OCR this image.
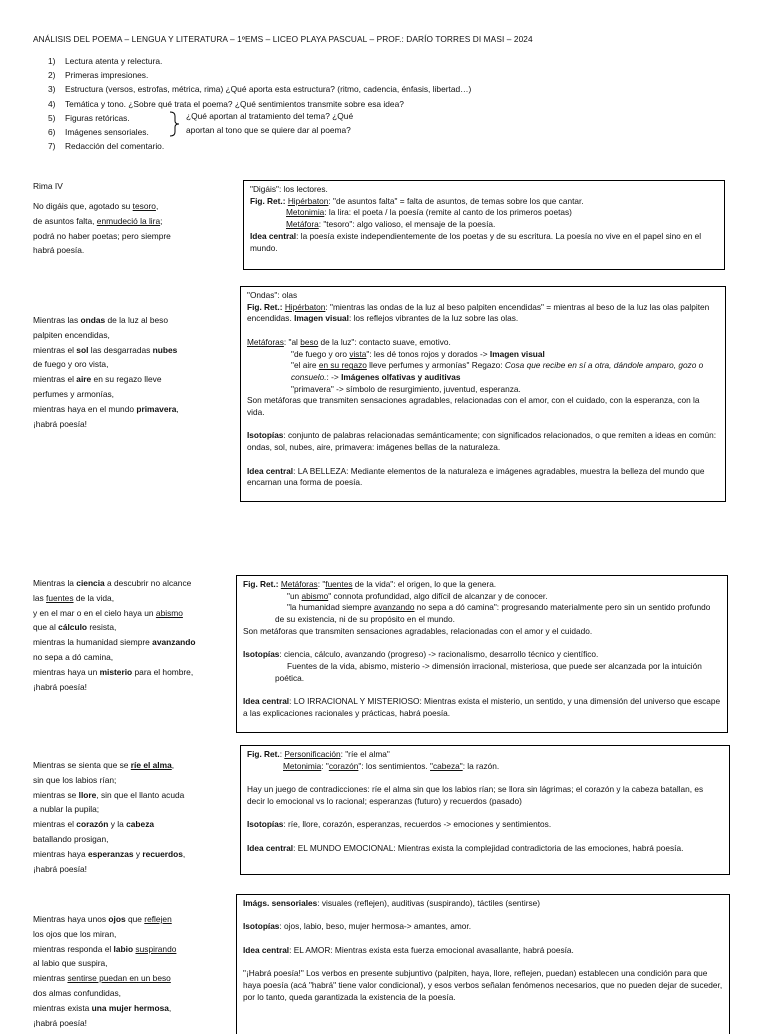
ANÁLISIS DEL POEMA – LENGUA Y LITERATURA – 1ºEMS – LICEO PLAYA PASCUAL – PROF.: DARÍO TORRES DI MASI – 2024
1) Lectura atenta y relectura.
2) Primeras impresiones.
3) Estructura (versos, estrofas, métrica, rima) ¿Qué aporta esta estructura? (ritmo, cadencia, énfasis, libertad…)
4) Temática y tono. ¿Sobre qué trata el poema? ¿Qué sentimientos transmite sobre esa idea?
5) Figuras retóricas.
6) Imágenes sensoriales.
7) Redacción del comentario.
¿Qué aportan al tratamiento del tema? ¿Qué
aportan al tono que se quiere dar al poema?
Rima IV
No digáis que, agotado su tesoro,
de asuntos falta, enmudeció la lira;
podrá no haber poetas; pero siempre
habrá poesía.
Mientras las ondas de la luz al beso
palpiten encendidas,
mientras el sol las desgarradas nubes
de fuego y oro vista,
mientras el aire en su regazo lleve
perfumes y armonías,
mientras haya en el mundo primavera,
¡habrá poesía!
Mientras la ciencia a descubrir no alcance
las fuentes de la vida,
y en el mar o en el cielo haya un abismo
que al cálculo resista,
mientras la humanidad siempre avanzando
no sepa a dó camina,
mientras haya un misterio para el hombre,
¡habrá poesía!
Mientras se sienta que se ríe el alma,
sin que los labios rían;
mientras se llore, sin que el llanto acuda
a nublar la pupila;
mientras el corazón y la cabeza
batallando prosigan,
mientras haya esperanzas y recuerdos,
¡habrá poesía!
Mientras haya unos ojos que reflejen
los ojos que los miran,
mientras responda el labio suspirando
al labio que suspira,
mientras sentirse puedan en un beso
dos almas confundidas,
mientras exista una mujer hermosa,
¡habrá poesía!

"Digáis": los lectores.

Fig. Ret.: Hipérbaton: "de asuntos falta" = falta de asuntos, de temas sobre los que cantar.

Metonimia: la lira: el poeta / la poesía (remite al canto de los primeros poetas)

Metáfora: "tesoro": algo valioso, el mensaje de la poesía.

Idea central: la poesía existe independientemente de los poetas y de su escritura. La poesía no vive en el papel sino en el mundo.

"Ondas": olas

Fig. Ret.: Hipérbaton: "mientras las ondas de la luz al beso palpiten encendidas" = mientras al beso de la luz las olas palpiten encendidas. Imagen visual: los reflejos vibrantes de la luz sobre las olas.

Metáforas: "al beso de la luz": contacto suave, emotivo.

"de fuego y oro vista": les dé tonos rojos y dorados -> Imagen visual

"el aire en su regazo lleve perfumes y armonías" Regazo: Cosa que recibe en sí a otra, dándole amparo, gozo o consuelo.: -> Imágenes olfativas y auditivas

"primavera" -> símbolo de resurgimiento, juventud, esperanza.

Son metáforas que transmiten sensaciones agradables, relacionadas con el amor, con el cuidado, con la esperanza, con la vida.

Isotopías: conjunto de palabras relacionadas semánticamente; con significados relacionados, o que remiten a ideas en común: ondas, sol, nubes, aire, primavera: imágenes bellas de la naturaleza.

Idea central: LA BELLEZA: Mediante elementos de la naturaleza e imágenes agradables, muestra la belleza del mundo que encarnan una forma de poesía.

Fig. Ret.: Metáforas: "fuentes de la vida": el origen, lo que la genera.

"un abismo" connota profundidad, algo difícil de alcanzar y de conocer.

"la humanidad siempre avanzando no sepa a dó camina": progresando materialmente pero sin un sentido profundo de su existencia, ni de su propósito en el mundo.

Son metáforas que transmiten sensaciones agradables, relacionadas con el amor y el cuidado.

Isotopías: ciencia, cálculo, avanzando (progreso) -> racionalismo, desarrollo técnico y científico.

Fuentes de la vida, abismo, misterio -> dimensión irracional, misteriosa, que puede ser alcanzada por la intuición poética.

Idea central: LO IRRACIONAL Y MISTERIOSO: Mientras exista el misterio, un sentido, y una dimensión del universo que escape a las explicaciones racionales y prácticas, habrá poesía.

Fig. Ret.: Personificación: "ríe el alma"

Metonimia: "corazón": los sentimientos. "cabeza": la razón.

Hay un juego de contradicciones: ríe el alma sin que los labios rían; se llora sin lágrimas; el corazón y la cabeza batallan, es decir lo emocional vs lo racional; esperanzas (futuro) y recuerdos (pasado)

Isotopías: ríe, llore, corazón, esperanzas, recuerdos -> emociones y sentimientos.

Idea central: EL MUNDO EMOCIONAL: Mientras exista la complejidad contradictoria de las emociones, habrá poesía.

Imágs. sensoriales: visuales (reflejen), auditivas (suspirando), táctiles (sentirse)

Isotopías: ojos, labio, beso, mujer hermosa-> amantes, amor.

Idea central: EL AMOR: Mientras exista esta fuerza emocional avasallante, habrá poesía.

"¡Habrá poesía!" Los verbos en presente subjuntivo (palpiten, haya, llore, reflejen, puedan) establecen una condición para que haya poesía (acá "habrá" tiene valor condicional), y esos verbos señalan fenómenos necesarios, que no pueden dejar de suceder, por lo tanto, queda garantizada la existencia de la poesía.
